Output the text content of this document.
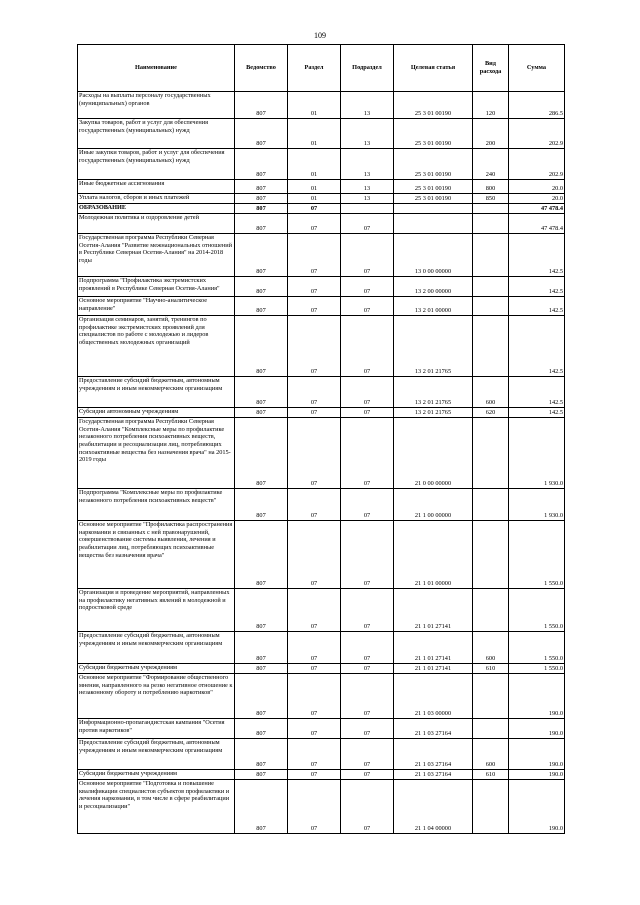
109
Наименование	Ведомство	Раздел	Подраздел	Целевая статья	Вид расхода	Сумма
Расходы на выплаты персоналу государственных (муниципальных) органов	807	01	13	25 3 01 00190	120	286.5
Закупка товаров, работ и услуг для обеспечения государственных (муниципальных) нужд	807	01	13	25 3 01 00190	200	202.9
Иные закупки товаров, работ и услуг для обеспечения государственных (муниципальных) нужд	807	01	13	25 3 01 00190	240	202.9
Иные бюджетные ассигнования	807	01	13	25 3 01 00190	800	20.0
Уплата налогов, сборов и иных платежей	807	01	13	25 3 01 00190	850	20.0
ОБРАЗОВАНИЕ	807	07				47 478.4
Молодежная политика и оздоровление детей	807	07	07			47 478.4
Государственная программа Республики Северная Осетия-Алания "Развитие межнациональных отношений в Республике Северная Осетия-Алания" на 2014-2018 годы	807	07	07	13 0 00 00000		142.5
Подпрограмма "Профилактика экстремистских проявлений в Республике Северная Осетия-Алания"	807	07	07	13 2 00 00000		142.5
Основное мероприятие "Научно-аналитическое направление"	807	07	07	13 2 01 00000		142.5
Организация семинаров, занятий, тренингов по профилактике экстремистских проявлений для специалистов по работе с молодежью и лидеров общественных молодежных организаций	807	07	07	13 2 01 21765		142.5
Предоставление субсидий бюджетным, автономным учреждениям и иным некоммерческим организациям	807	07	07	13 2 01 21765	600	142.5
Субсидии автономным учреждениям	807	07	07	13 2 01 21765	620	142.5
Государственная программа Республики Северная Осетия-Алания "Комплексные меры по профилактике незаконного потребления психоактивных веществ, реабилитации и ресоциализации лиц, потребляющих психоактивные вещества без назначения врача" на 2015-2019 годы	807	07	07	21 0 00 00000		1 930.0
Подпрограмма "Комплексные меры по профилактике незаконного потребления психоактивных веществ"	807	07	07	21 1 00 00000		1 930.0
Основное мероприятие "Профилактика распространения наркомании и связанных с ней правонарушений, совершенствование системы выявления, лечения и реабилитации лиц, потребляющих психоактивные вещества без назначения врача"	807	07	07	21 1 01 00000		1 550.0
Организация и проведение мероприятий, направленных на профилактику негативных явлений в молодежной и подростковой среде	807	07	07	21 1 01 27141		1 550.0
Предоставление субсидий бюджетным, автономным учреждениям и иным некоммерческим организациям	807	07	07	21 1 01 27141	600	1 550.0
Субсидии бюджетным учреждениям	807	07	07	21 1 01 27141	610	1 550.0
Основное мероприятие "Формирование общественного мнения, направленного на резко негативное отношение к незаконному обороту и потреблению наркотиков"	807	07	07	21 1 03 00000		190.0
Информационно-пропагандистская кампания "Осетия против наркотиков"	807	07	07	21 1 03 27164		190.0
Предоставление субсидий бюджетным, автономным учреждениям и иным некоммерческим организациям	807	07	07	21 1 03 27164	600	190.0
Субсидии бюджетным учреждениям	807	07	07	21 1 03 27164	610	190.0
Основное мероприятие "Подготовка и повышение квалификации специалистов субъектов профилактики и лечения наркомании, в том числе в сфере реабилитации и ресоциализации"	807	07	07	21 1 04 00000		190.0
